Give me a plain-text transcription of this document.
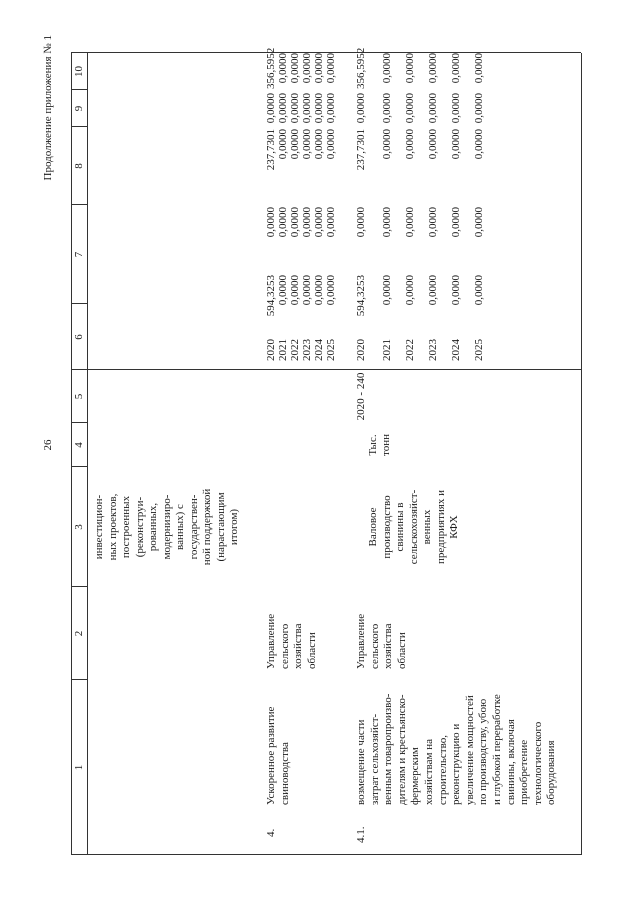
26
Продолжение приложения № 1
1
2
3
4
5
6
7
8
9
10
инвестицион- ных проектов, построенных (реконструи- рованных, модернизиро- ванных) с государствен- ной поддержкой (нарастающим итогом)
4.
Ускоренное развитие свиноводства
Управление сельского хозяйства области
2020 2021 2022 2023 2024 2025
594,3253 0,0000 0,0000 0,0000 0,0000 0,0000
0,0000 0,0000 0,0000 0,0000 0,0000 0,0000
237,7301 0,0000 0,0000 0,0000 0,0000 0,0000
0,0000 0,0000 0,0000 0,0000 0,0000 0,0000
356,5952 0,0000 0,0000 0,0000 0,0000 0,0000
4.1.
возмещение части затрат сельхозяйст- венным товаропроизво- дителям и крестьянско- фермерским хозяйствам на строительство, реконструкцию и увеличение мощностей по производству, убою и глубокой переработке свинины, включая приобретение технологического оборудования
Управление сельского хозяйства области
Валовое производство свинины в сельскохозяйст- венных предприятиях и КФХ
Тыс. тонн
2020 - 240
2020 2021 2022 2023 2024 2025
594,3253 0,0000 0,0000 0,0000 0,0000 0,0000
0,0000 0,0000 0,0000 0,0000 0,0000 0,0000
237,7301 0,0000 0,0000 0,0000 0,0000 0,0000
0,0000 0,0000 0,0000 0,0000 0,0000 0,0000
356,5952 0,0000 0,0000 0,0000 0,0000 0,0000
